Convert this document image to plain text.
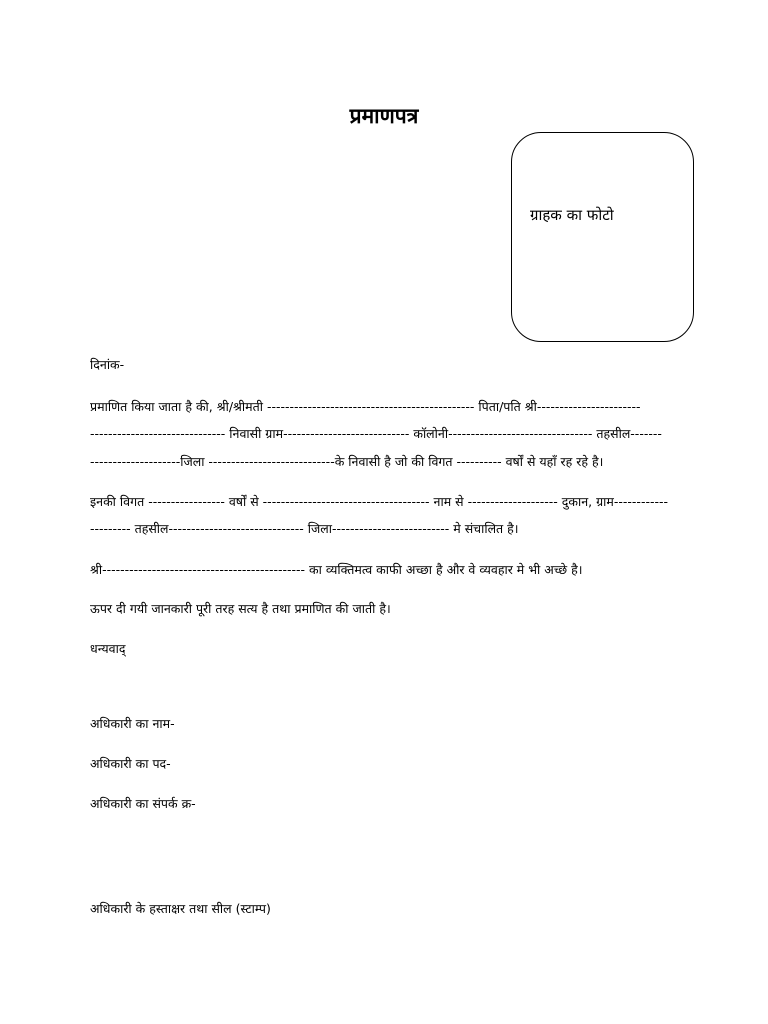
प्रमाणपत्र
ग्राहक का फोटो
दिनांक-
प्रमाणित किया जाता है की, श्री/श्रीमती ---------------------------------------------- पिता/पति श्री-----------------------
------------------------------ निवासी ग्राम---------------------------- कॉलोनी-------------------------------- तहसील-------
--------------------जिला ----------------------------के निवासी है जो की विगत ---------- वर्षों से यहाँ रह रहे है।
इनकी विगत ----------------- वर्षों से ------------------------------------- नाम से -------------------- दुकान, ग्राम------------
--------- तहसील------------------------------ जिला-------------------------- मे संचालित है।
श्री--------------------------------------------- का व्यक्तिमत्व काफी अच्छा है और वे व्यवहार मे भी अच्छे है।
ऊपर दी गयी जानकारी पूरी तरह सत्य है तथा प्रमाणित की जाती है।
धन्यवाद्
अधिकारी का नाम-
अधिकारी का पद-
अधिकारी का संपर्क क्र-
अधिकारी के हस्ताक्षर तथा सील (स्टाम्प)
